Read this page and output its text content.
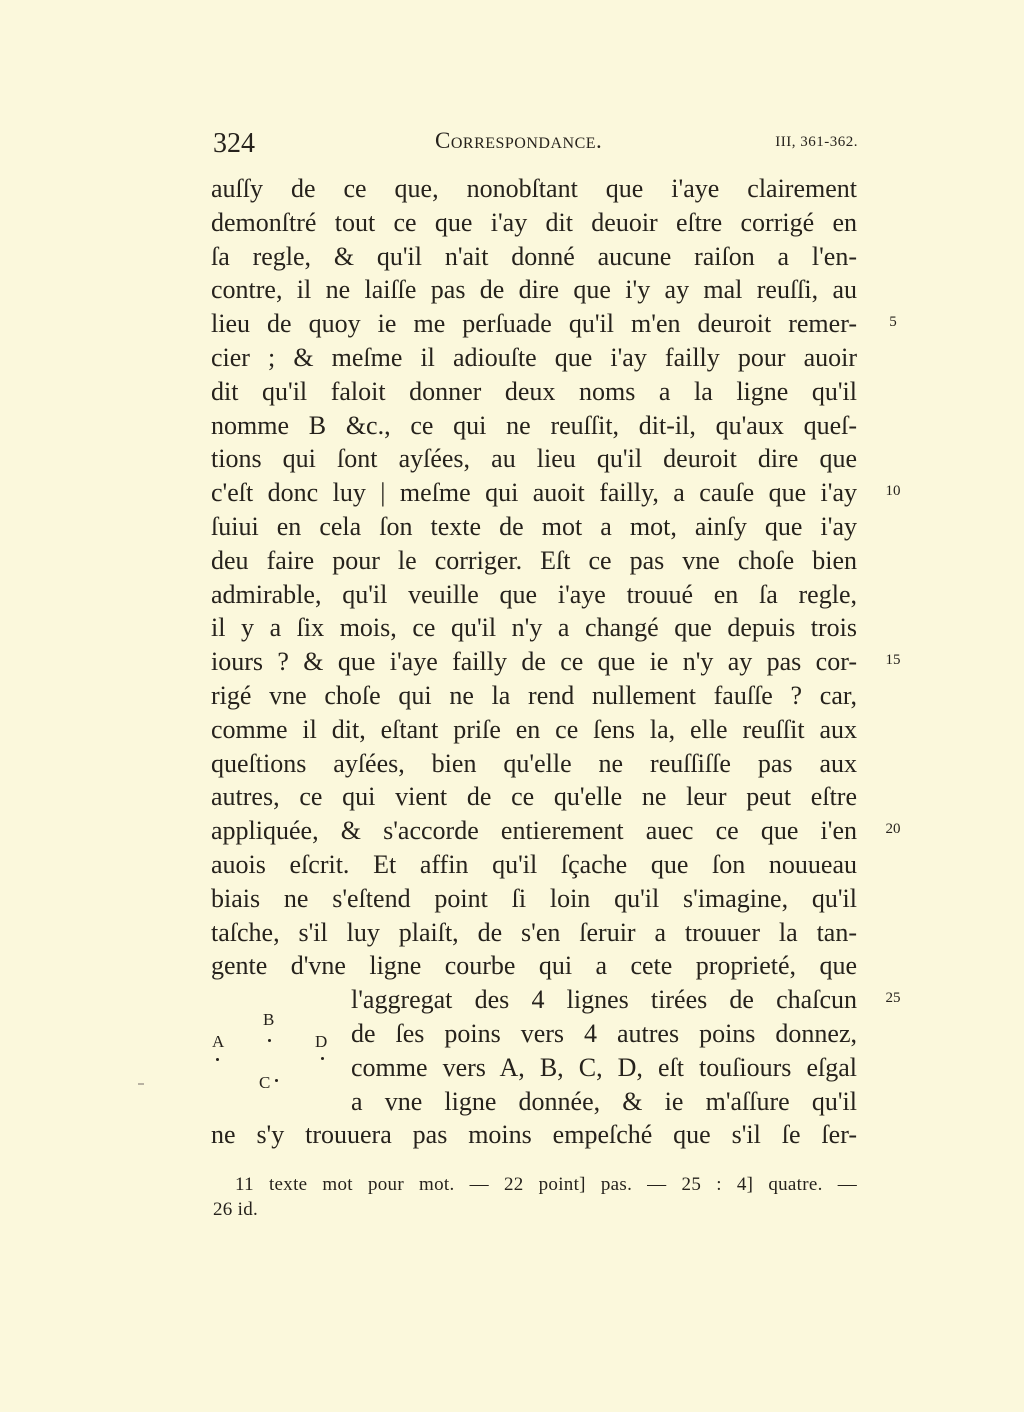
324	Correspondance.	III, 361-362.
auſſy de ce que, nonobſtant que i'aye clairement
demonſtré tout ce que i'ay dit deuoir eſtre corrigé en
ſa regle, & qu'il n'ait donné aucune raiſon a l'en-
contre, il ne laiſſe pas de dire que i'y ay mal reuſſi, au
lieu de quoy ie me perſuade qu'il m'en deuroit remer-
cier ; & meſme il adiouſte que i'ay failly pour auoir
dit qu'il faloit donner deux noms a la ligne qu'il
nomme B &c., ce qui ne reuſſit, dit-il, qu'aux queſ-
tions qui ſont ayſées, au lieu qu'il deuroit dire que
c'eſt donc luy | meſme qui auoit failly, a cauſe que i'ay
ſuiui en cela ſon texte de mot a mot, ainſy que i'ay
deu faire pour le corriger. Eſt ce pas vne choſe bien
admirable, qu'il veuille que i'aye trouué en ſa regle,
il y a ſix mois, ce qu'il n'y a changé que depuis trois
iours ? & que i'aye failly de ce que ie n'y ay pas cor-
rigé vne choſe qui ne la rend nullement fauſſe ? car,
comme il dit, eſtant priſe en ce ſens la, elle reuſſit aux
queſtions ayſées, bien qu'elle ne reuſſiſſe pas aux
autres, ce qui vient de ce qu'elle ne leur peut eſtre
appliquée, & s'accorde entierement auec ce que i'en
auois eſcrit. Et affin qu'il ſçache que ſon nouueau
biais ne s'eſtend point ſi loin qu'il s'imagine, qu'il
taſche, s'il luy plaiſt, de s'en ſeruir a trouuer la tan-
gente d'vne ligne courbe qui a cete proprieté, que
l'aggregat des 4 lignes tirées de chaſcun
de ſes poins vers 4 autres poins donnez,
comme vers A, B, C, D, eſt touſiours eſgal
a vne ligne donnée, & ie m'aſſure qu'il
ne s'y trouuera pas moins empeſché que s'il ſe ſer-
5
10
15
20
25
A
B
C
D
11 texte mot pour mot. — 22 point] pas. — 25 : 4] quatre. —
26 id.
